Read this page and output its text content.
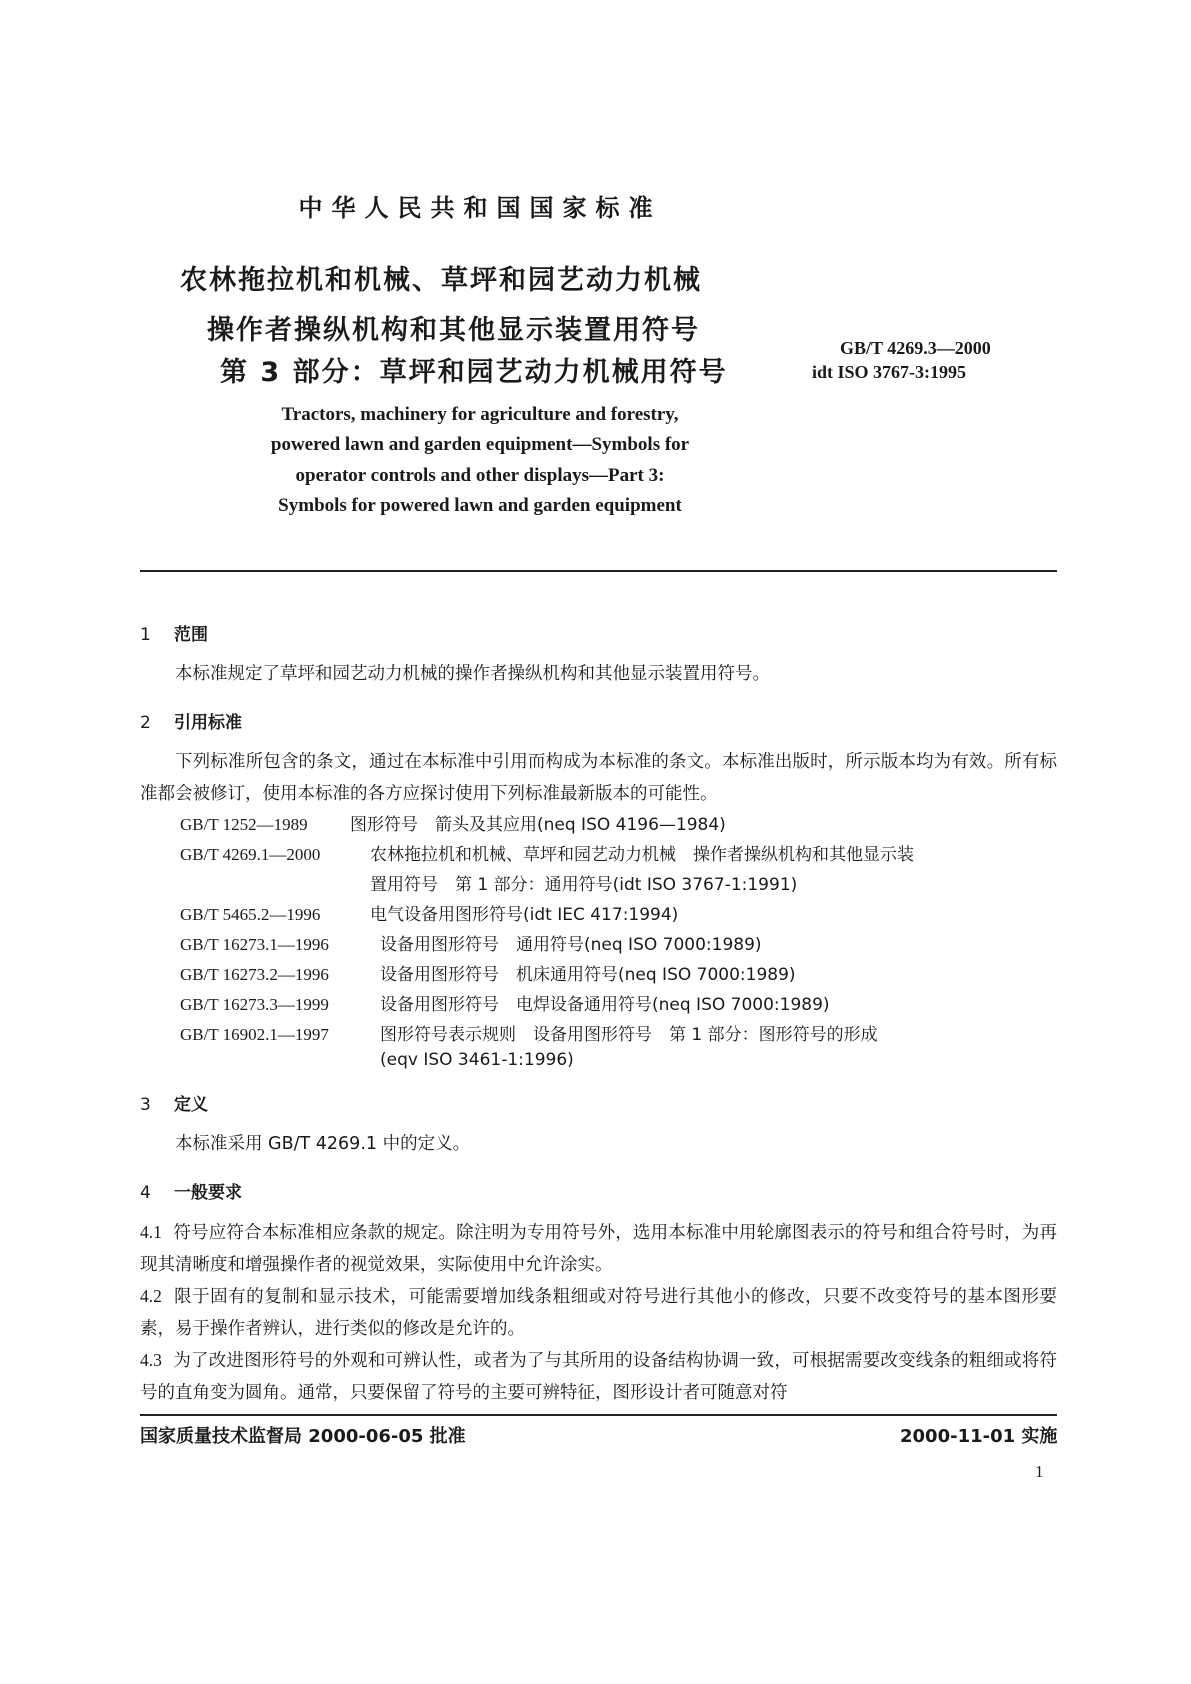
中华人民共和国国家标准
农林拖拉机和机械、草坪和园艺动力机械
操作者操纵机构和其他显示装置用符号
第 3 部分：草坪和园艺动力机械用符号
GB/T 4269.3—2000
idt ISO 3767-3:1995
Tractors, machinery for agriculture and forestry,
powered lawn and garden equipment—Symbols for
operator controls and other displays—Part 3:
Symbols for powered lawn and garden equipment
1 范围
本标准规定了草坪和园艺动力机械的操作者操纵机构和其他显示装置用符号。
2 引用标准
下列标准所包含的条文，通过在本标准中引用而构成为本标准的条文。本标准出版时，所示版本均为有效。所有标准都会被修订，使用本标准的各方应探讨使用下列标准最新版本的可能性。
GB/T 1252—1989 图形符号　箭头及其应用(neq ISO 4196—1984)
GB/T 4269.1—2000	农林拖拉机和机械、草坪和园艺动力机械　操作者操纵机构和其他显示装
置用符号　第 1 部分：通用符号(idt ISO 3767-1:1991)
GB/T 5465.2—1996	电气设备用图形符号(idt IEC 417:1994)
GB/T 16273.1—1996	设备用图形符号　通用符号(neq ISO 7000:1989)
GB/T 16273.2—1996	设备用图形符号　机床通用符号(neq ISO 7000:1989)
GB/T 16273.3—1999	设备用图形符号　电焊设备通用符号(neq ISO 7000:1989)
GB/T 16902.1—1997	图形符号表示规则　设备用图形符号　第 1 部分：图形符号的形成
(eqv ISO 3461-1:1996)
3 定义
本标准采用 GB/T 4269.1 中的定义。
4 一般要求
4.1 符号应符合本标准相应条款的规定。除注明为专用符号外，选用本标准中用轮廓图表示的符号和组合符号时，为再现其清晰度和增强操作者的视觉效果，实际使用中允许涂实。
4.2 限于固有的复制和显示技术，可能需要增加线条粗细或对符号进行其他小的修改，只要不改变符号的基本图形要素，易于操作者辨认，进行类似的修改是允许的。
4.3 为了改进图形符号的外观和可辨认性，或者为了与其所用的设备结构协调一致，可根据需要改变线条的粗细或将符号的直角变为圆角。通常，只要保留了符号的主要可辨特征，图形设计者可随意对符
国家质量技术监督局 2000-06-05 批准	2000-11-01 实施
1
